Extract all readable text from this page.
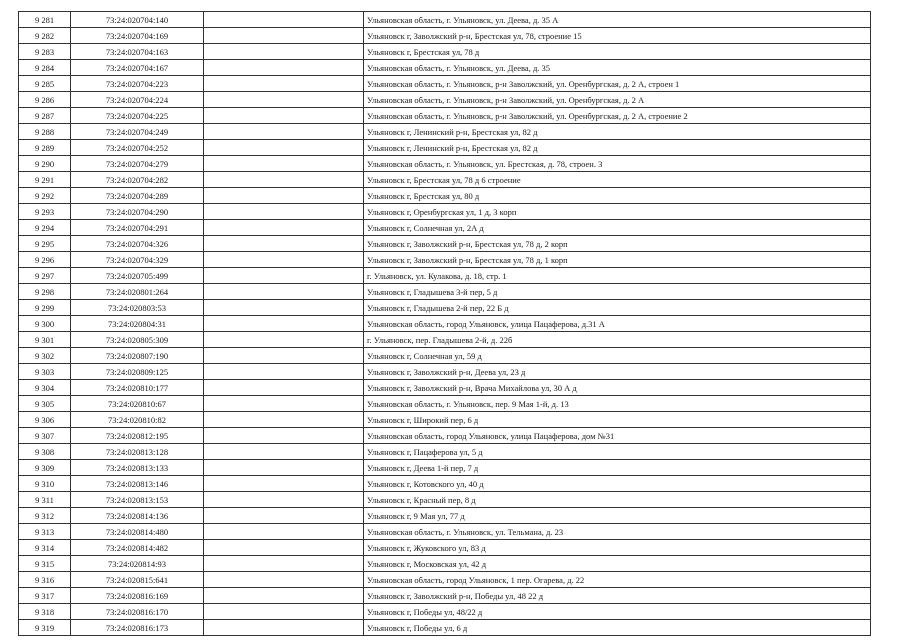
9 281	73:24:020704:140		Ульяновская область, г. Ульяновск, ул. Деева, д. 35 А
9 282	73:24:020704:169		Ульяновск г, Заволжский р-н, Брестская ул, 78, строение 15
9 283	73:24:020704:163		Ульяновск г, Брестская ул, 78 д
9 284	73:24:020704:167		Ульяновская область, г. Ульяновск, ул. Деева, д. 35
9 285	73:24:020704:223		Ульяновская область, г. Ульяновск, р-н Заволжский, ул. Оренбургская, д. 2 А, строен 1
9 286	73:24:020704:224		Ульяновская область, г. Ульяновск, р-н Заволжский, ул. Оренбургская, д. 2 А
9 287	73:24:020704:225		Ульяновская область, г. Ульяновск, р-н Заволжский, ул. Оренбургская, д. 2 А, строение 2
9 288	73:24:020704:249		Ульяновск г, Ленинский р-н, Брестская ул, 82 д
9 289	73:24:020704:252		Ульяновск г, Ленинский р-н, Брестская ул, 82 д
9 290	73:24:020704:279		Ульяновская область, г. Ульяновск, ул. Брестская, д. 78, строен. 3
9 291	73:24:020704:282		Ульяновск г, Брестская ул, 78 д 6 строение
9 292	73:24:020704:289		Ульяновск г, Брестская ул, 80 д
9 293	73:24:020704:290		Ульяновск г, Оренбургская ул, 1 д, 3 корп
9 294	73:24:020704:291		Ульяновск г, Солнечная ул, 2А д
9 295	73:24:020704:326		Ульяновск г, Заволжский р-н, Брестская ул, 78 д, 2 корп
9 296	73:24:020704:329		Ульяновск г, Заволжский р-н, Брестская ул, 78 д, 1 корп
9 297	73:24:020705:499		г. Ульяновск, ул. Кулакова, д. 18, стр. 1
9 298	73:24:020801:264		Ульяновск г, Гладышева 3-й пер, 5 д
9 299	73:24:020803:53		Ульяновск г, Гладышева 2-й пер, 22 Б д
9 300	73:24:020804:31		Ульяновская область, город Ульяновск, улица Пацаферова, д.31 А
9 301	73:24:020805:309		г. Ульяновск, пер. Гладышева 2-й, д. 22б
9 302	73:24:020807:190		Ульяновск г, Солнечная ул, 59 д
9 303	73:24:020809:125		Ульяновск г, Заволжский р-н, Деева ул, 23 д
9 304	73:24:020810:177		Ульяновск г, Заволжский р-н, Врача Михайлова ул, 30 А д
9 305	73:24:020810:67		Ульяновская область, г. Ульяновск, пер. 9 Мая 1-й, д. 13
9 306	73:24:020810:82		Ульяновск г, Широкий пер, 6 д
9 307	73:24:020812:195		Ульяновская область, город Ульяновск, улица Пацаферова, дом №31
9 308	73:24:020813:128		Ульяновск г, Пацаферова ул, 5 д
9 309	73:24:020813:133		Ульяновск г, Деева 1-й пер, 7 д
9 310	73:24:020813:146		Ульяновск г, Котовского ул, 40 д
9 311	73:24:020813:153		Ульяновск г, Красный пер, 8 д
9 312	73:24:020814:136		Ульяновск г, 9 Мая ул, 77 д
9 313	73:24:020814:480		Ульяновская область, г. Ульяновск, ул. Тельмана, д. 23
9 314	73:24:020814:482		Ульяновск г, Жуковского ул, 83 д
9 315	73:24:020814:93		Ульяновск г, Московская ул, 42 д
9 316	73:24:020815:641		Ульяновская область, город Ульяновск, 1 пер. Огарева, д. 22
9 317	73:24:020816:169		Ульяновск г, Заволжский р-н, Победы ул, 48 22 д
9 318	73:24:020816:170		Ульяновск г, Победы ул, 48/22 д
9 319	73:24:020816:173		Ульяновск г, Победы ул, 6 д
